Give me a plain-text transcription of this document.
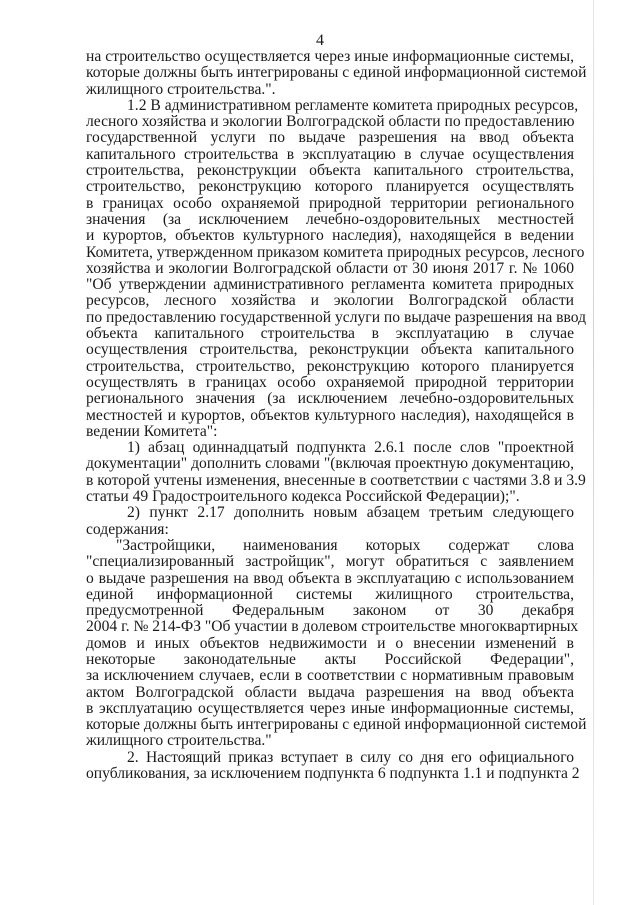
4
на строительство осуществляется через иные информационные системы,
которые должны быть интегрированы с единой информационной системой
жилищного строительства.".
1.2 В административном регламенте комитета природных ресурсов,
лесного хозяйства и экологии Волгоградской области по предоставлению
государственной услуги по выдаче разрешения на ввод объекта
капитального строительства в эксплуатацию в случае осуществления
строительства, реконструкции объекта капитального строительства,
строительство, реконструкцию которого планируется осуществлять
в границах особо охраняемой природной территории регионального
значения (за исключением лечебно-оздоровительных местностей
и курортов, объектов культурного наследия), находящейся в ведении
Комитета, утвержденном приказом комитета природных ресурсов, лесного
хозяйства и экологии Волгоградской области от 30 июня 2017 г. № 1060
"Об утверждении административного регламента комитета природных
ресурсов, лесного хозяйства и экологии Волгоградской области
по предоставлению государственной услуги по выдаче разрешения на ввод
объекта капитального строительства в эксплуатацию в случае
осуществления строительства, реконструкции объекта капитального
строительства, строительство, реконструкцию которого планируется
осуществлять в границах особо охраняемой природной территории
регионального значения (за исключением лечебно-оздоровительных
местностей и курортов, объектов культурного наследия), находящейся в
ведении Комитета":
1) абзац одиннадцатый подпункта 2.6.1 после слов "проектной
документации" дополнить словами "(включая проектную документацию,
в которой учтены изменения, внесенные в соответствии с частями 3.8 и 3.9
статьи 49 Градостроительного кодекса Российской Федерации);".
2) пункт 2.17 дополнить новым абзацем третьим следующего
содержания:
"Застройщики, наименования которых содержат слова
"специализированный застройщик", могут обратиться с заявлением
о выдаче разрешения на ввод объекта в эксплуатацию с использованием
единой информационной системы жилищного строительства,
предусмотренной Федеральным законом от 30 декабря
2004 г. № 214-ФЗ "Об участии в долевом строительстве многоквартирных
домов и иных объектов недвижимости и о внесении изменений в
некоторые законодательные акты Российской Федерации",
за исключением случаев, если в соответствии с нормативным правовым
актом Волгоградской области выдача разрешения на ввод объекта
в эксплуатацию осуществляется через иные информационные системы,
которые должны быть интегрированы с единой информационной системой
жилищного строительства."
2. Настоящий приказ вступает в силу со дня его официального
опубликования, за исключением подпункта 6 подпункта 1.1 и подпункта 2
